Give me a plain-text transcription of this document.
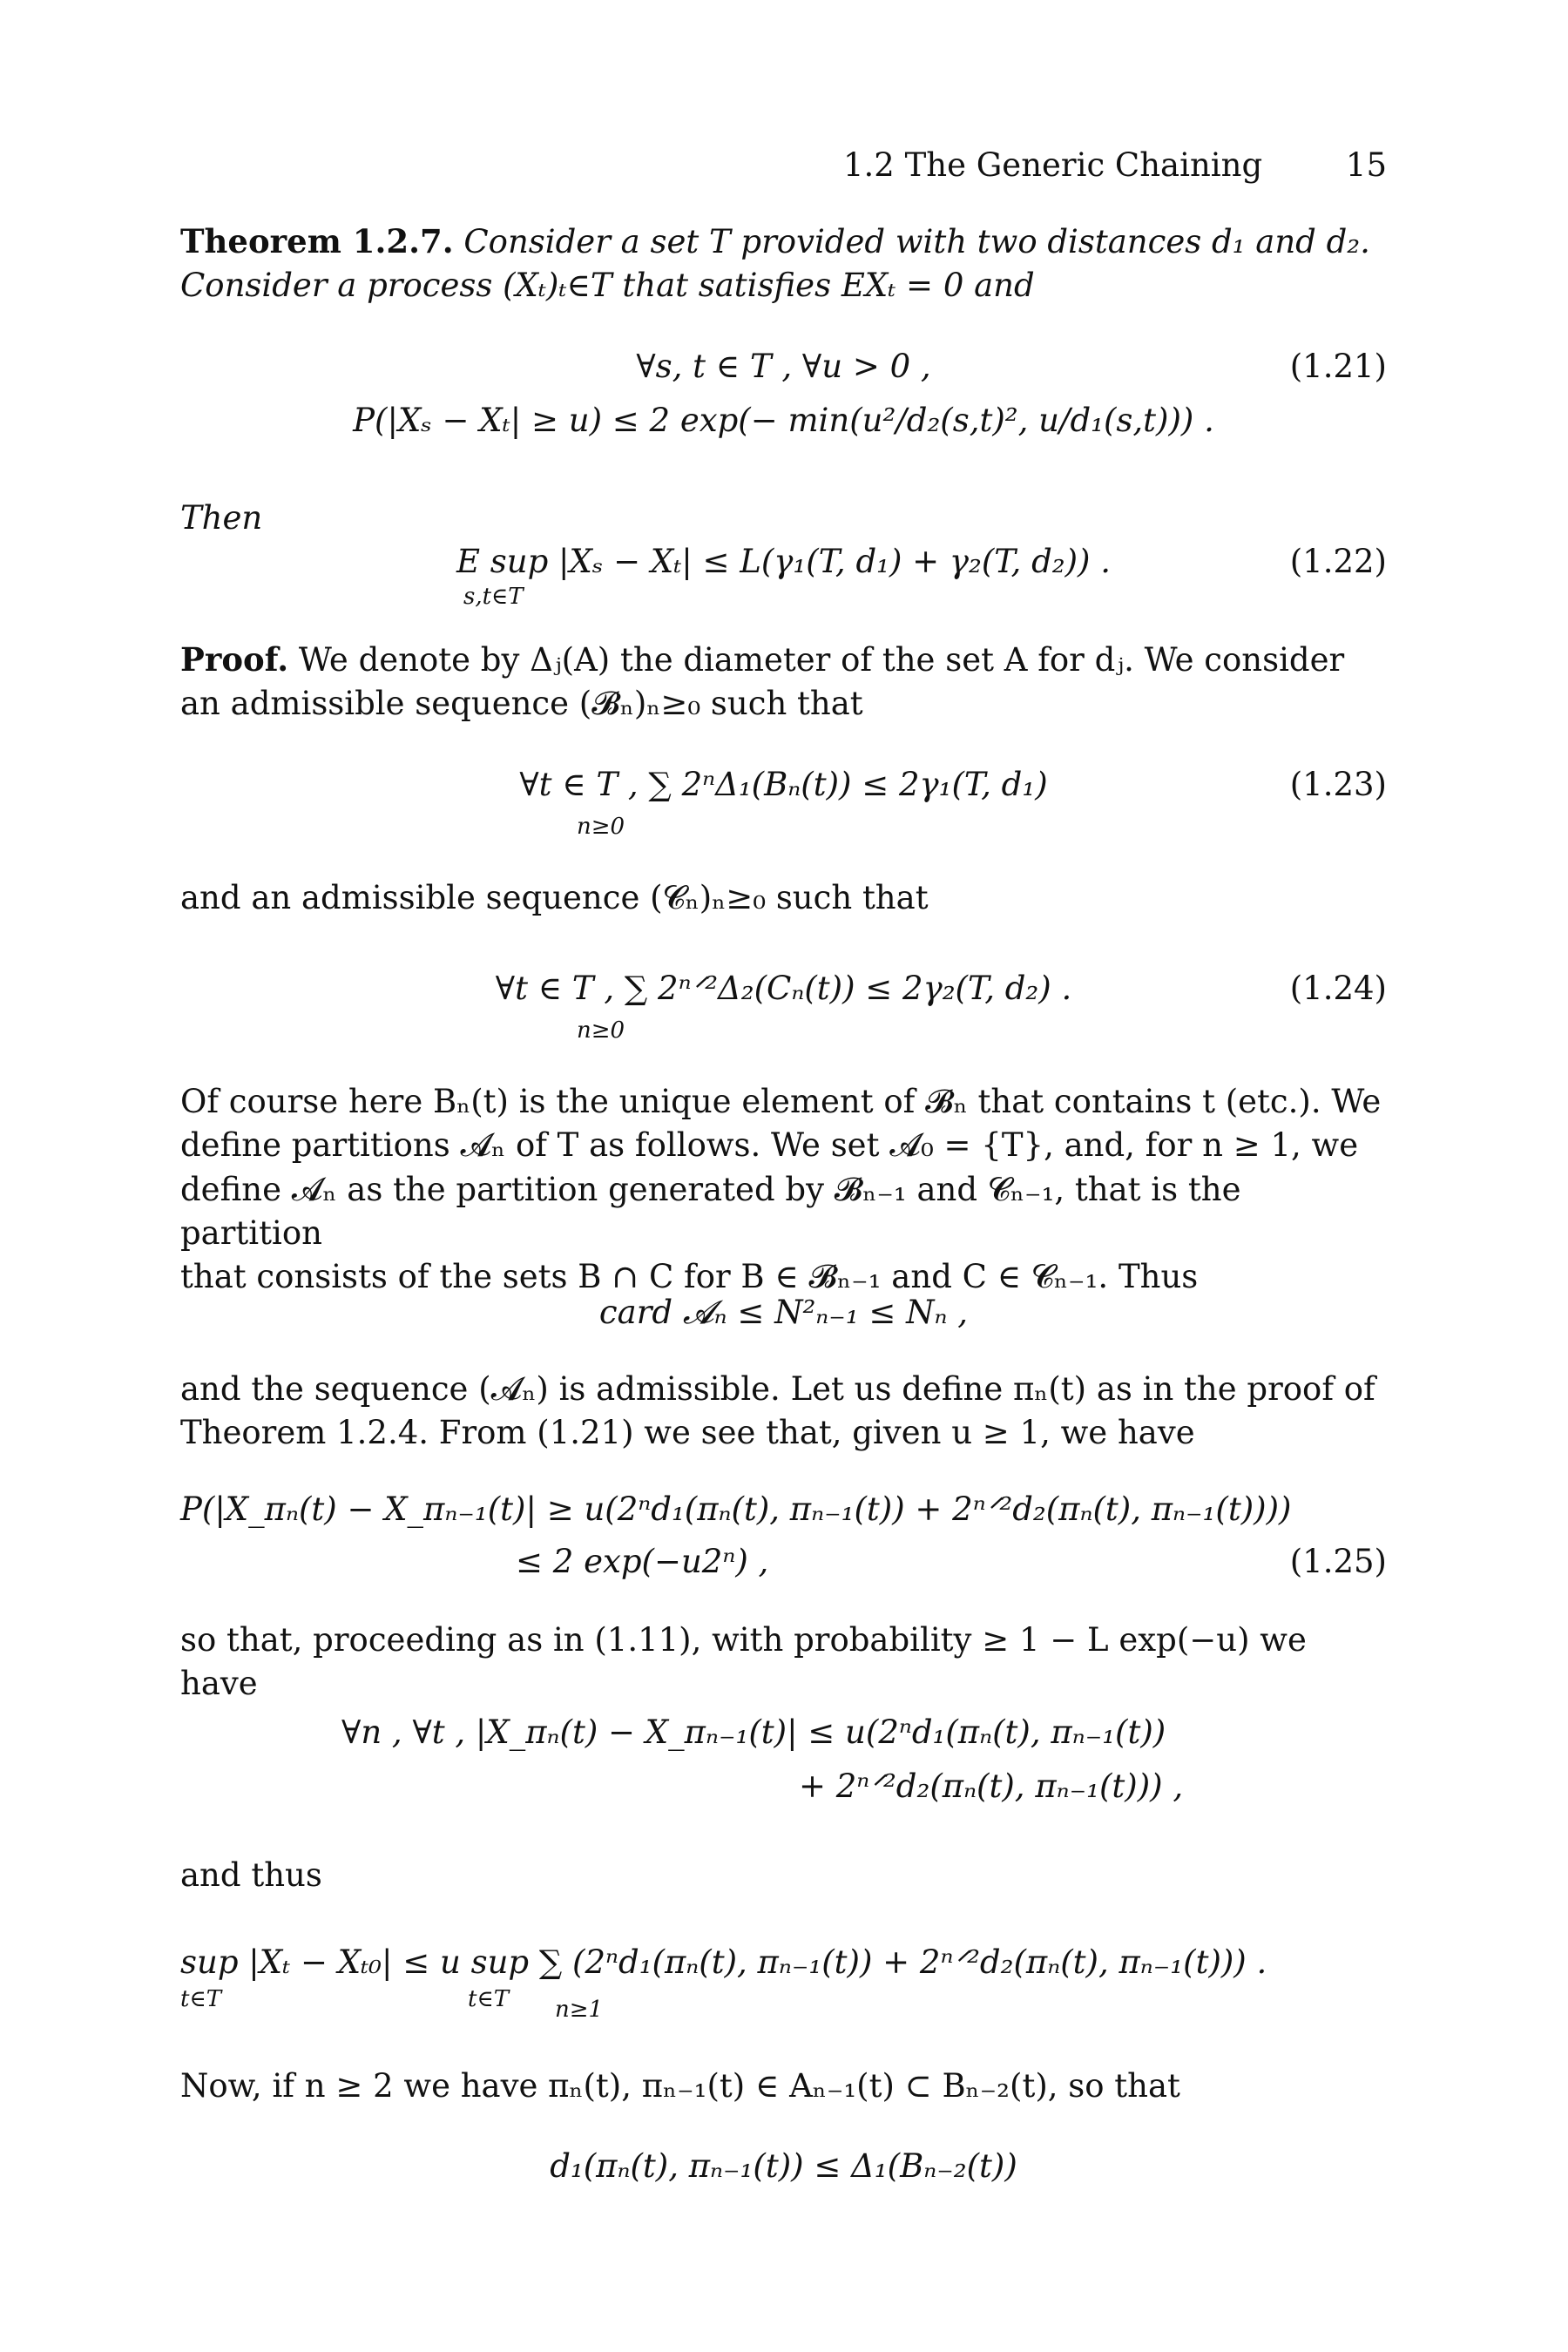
1.2 The Generic Chaining	15
Theorem 1.2.7. Consider a set T provided with two distances d₁ and d₂.
Consider a process (Xₜ)ₜ∈T that satisfies EXₜ = 0 and
∀s, t ∈ T , ∀u > 0 ,	(1.21)
P(|Xₛ − Xₜ| ≥ u) ≤ 2 exp(− min(u²/d₂(s,t)², u/d₁(s,t))) .
Then
E sup |Xₛ − Xₜ| ≤ L(γ₁(T, d₁) + γ₂(T, d₂)) .	(1.22)
s,t∈T
Proof. We denote by Δⱼ(A) the diameter of the set A for dⱼ. We consider
an admissible sequence (𝓑ₙ)ₙ≥₀ such that
∀t ∈ T , ∑ 2ⁿΔ₁(Bₙ(t)) ≤ 2γ₁(T, d₁)	(1.23)
n≥0
and an admissible sequence (𝓒ₙ)ₙ≥₀ such that
∀t ∈ T , ∑ 2ⁿᐟ²Δ₂(Cₙ(t)) ≤ 2γ₂(T, d₂) .	(1.24)
n≥0
Of course here Bₙ(t) is the unique element of 𝓑ₙ that contains t (etc.). We
define partitions 𝓐ₙ of T as follows. We set 𝓐₀ = {T}, and, for n ≥ 1, we
define 𝓐ₙ as the partition generated by 𝓑ₙ₋₁ and 𝓒ₙ₋₁, that is the partition
that consists of the sets B ∩ C for B ∈ 𝓑ₙ₋₁ and C ∈ 𝓒ₙ₋₁. Thus
card 𝓐ₙ ≤ N²ₙ₋₁ ≤ Nₙ ,
and the sequence (𝓐ₙ) is admissible. Let us define πₙ(t) as in the proof of
Theorem 1.2.4. From (1.21) we see that, given u ≥ 1, we have
P(|X_πₙ(t) − X_πₙ₋₁(t)| ≥ u(2ⁿd₁(πₙ(t), πₙ₋₁(t)) + 2ⁿᐟ²d₂(πₙ(t), πₙ₋₁(t))))
≤ 2 exp(−u2ⁿ) ,	(1.25)
so that, proceeding as in (1.11), with probability ≥ 1 − L exp(−u) we have
∀n , ∀t , |X_πₙ(t) − X_πₙ₋₁(t)| ≤ u(2ⁿd₁(πₙ(t), πₙ₋₁(t))
+ 2ⁿᐟ²d₂(πₙ(t), πₙ₋₁(t))) ,
and thus
sup |Xₜ − Xₜ₀| ≤ u sup ∑ (2ⁿd₁(πₙ(t), πₙ₋₁(t)) + 2ⁿᐟ²d₂(πₙ(t), πₙ₋₁(t))) .
t∈T	t∈T	n≥1
Now, if n ≥ 2 we have πₙ(t), πₙ₋₁(t) ∈ Aₙ₋₁(t) ⊂ Bₙ₋₂(t), so that
d₁(πₙ(t), πₙ₋₁(t)) ≤ Δ₁(Bₙ₋₂(t))
